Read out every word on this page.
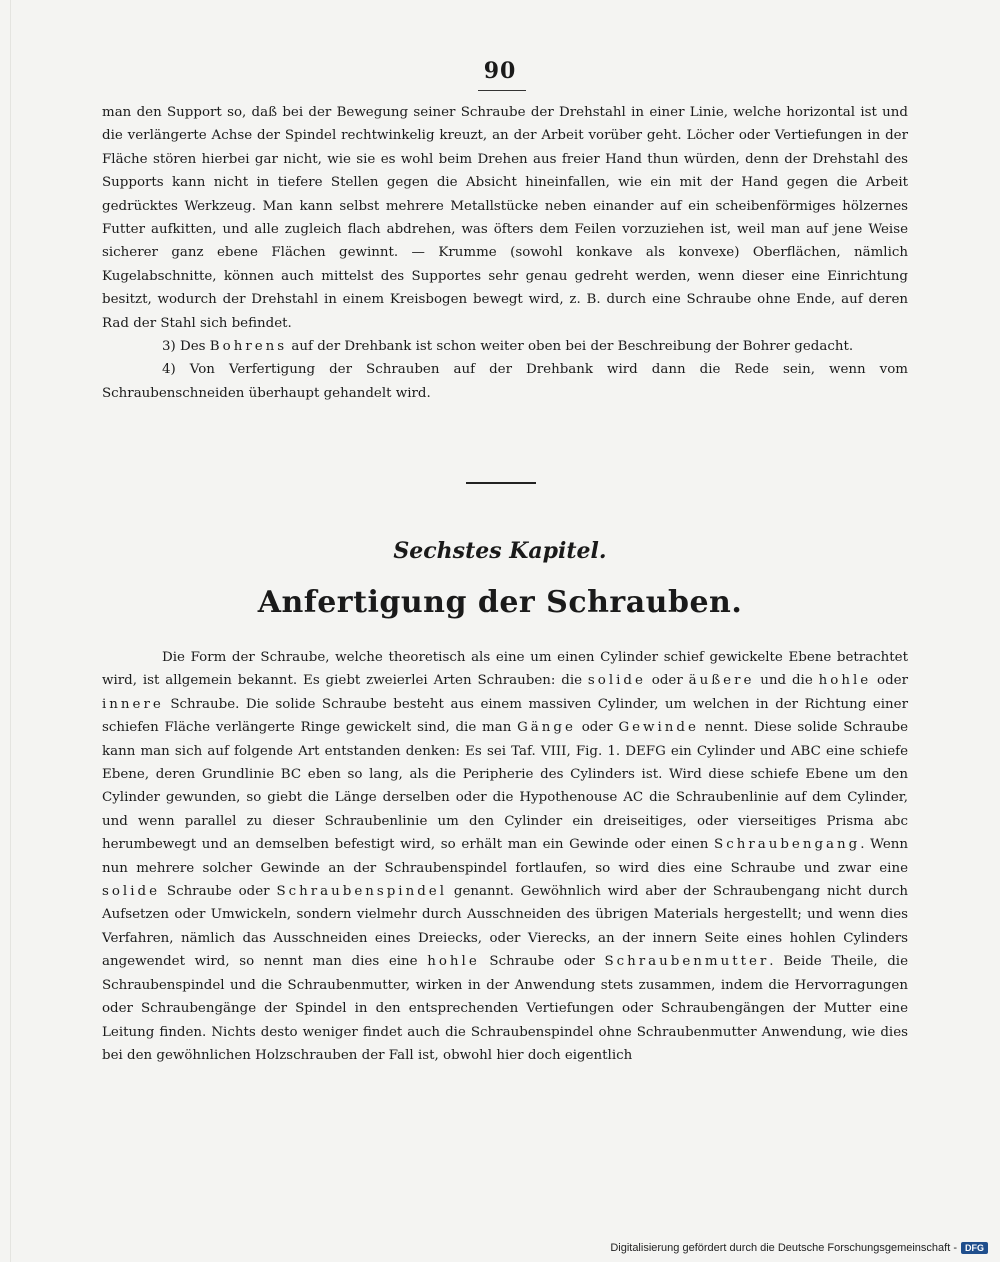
90

man den Support so, daß bei der Bewegung seiner Schraube der Drehstahl in einer Linie, welche horizontal ist und die verlängerte Achse der Spindel rechtwinkelig kreuzt, an der Arbeit vorüber geht. Löcher oder Vertiefungen in der Fläche stören hierbei gar nicht, wie sie es wohl beim Drehen aus freier Hand thun würden, denn der Drehstahl des Supports kann nicht in tiefere Stellen gegen die Absicht hineinfallen, wie ein mit der Hand gegen die Arbeit gedrücktes Werkzeug. Man kann selbst mehrere Metallstücke neben einander auf ein scheibenförmiges hölzernes Futter aufkitten, und alle zugleich flach abdrehen, was öfters dem Feilen vorzuziehen ist, weil man auf jene Weise sicherer ganz ebene Flächen gewinnt. — Krumme (sowohl konkave als konvexe) Oberflächen, nämlich Kugelabschnitte, können auch mittelst des Supportes sehr genau gedreht werden, wenn dieser eine Einrichtung besitzt, wodurch der Drehstahl in einem Kreisbogen bewegt wird, z. B. durch eine Schraube ohne Ende, auf deren Rad der Stahl sich befindet.

3) Des Bohrens auf der Drehbank ist schon weiter oben bei der Beschreibung der Bohrer gedacht.

4) Von Verfertigung der Schrauben auf der Drehbank wird dann die Rede sein, wenn vom Schraubenschneiden überhaupt gehandelt wird.

Sechstes Kapitel.
Anfertigung der Schrauben.

Die Form der Schraube, welche theoretisch als eine um einen Cylinder schief gewickelte Ebene betrachtet wird, ist allgemein bekannt. Es giebt zweierlei Arten Schrauben: die solide oder äußere und die hohle oder innere Schraube. Die solide Schraube besteht aus einem massiven Cylinder, um welchen in der Richtung einer schiefen Fläche verlängerte Ringe gewickelt sind, die man Gänge oder Gewinde nennt. Diese solide Schraube kann man sich auf folgende Art entstanden denken: Es sei Taf. VIII, Fig. 1. DEFG ein Cylinder und ABC eine schiefe Ebene, deren Grundlinie BC eben so lang, als die Peripherie des Cylinders ist. Wird diese schiefe Ebene um den Cylinder gewunden, so giebt die Länge derselben oder die Hypothenouse AC die Schraubenlinie auf dem Cylinder, und wenn parallel zu dieser Schraubenlinie um den Cylinder ein dreiseitiges, oder vierseitiges Prisma abc herumbewegt und an demselben befestigt wird, so erhält man ein Gewinde oder einen Schraubengang. Wenn nun mehrere solcher Gewinde an der Schraubenspindel fortlaufen, so wird dies eine Schraube und zwar eine solide Schraube oder Schraubenspindel genannt. Gewöhnlich wird aber der Schraubengang nicht durch Aufsetzen oder Umwickeln, sondern vielmehr durch Ausschneiden des übrigen Materials hergestellt; und wenn dies Verfahren, nämlich das Ausschneiden eines Dreiecks, oder Vierecks, an der innern Seite eines hohlen Cylinders angewendet wird, so nennt man dies eine hohle Schraube oder Schraubenmutter. Beide Theile, die Schraubenspindel und die Schraubenmutter, wirken in der Anwendung stets zusammen, indem die Hervorragungen oder Schraubengänge der Spindel in den entsprechenden Vertiefungen oder Schraubengängen der Mutter eine Leitung finden. Nichts desto weniger findet auch die Schraubenspindel ohne Schraubenmutter Anwendung, wie dies bei den gewöhnlichen Holzschrauben der Fall ist, obwohl hier doch eigentlich

Digitalisierung gefördert durch die Deutsche Forschungsgemeinschaft - DFG
